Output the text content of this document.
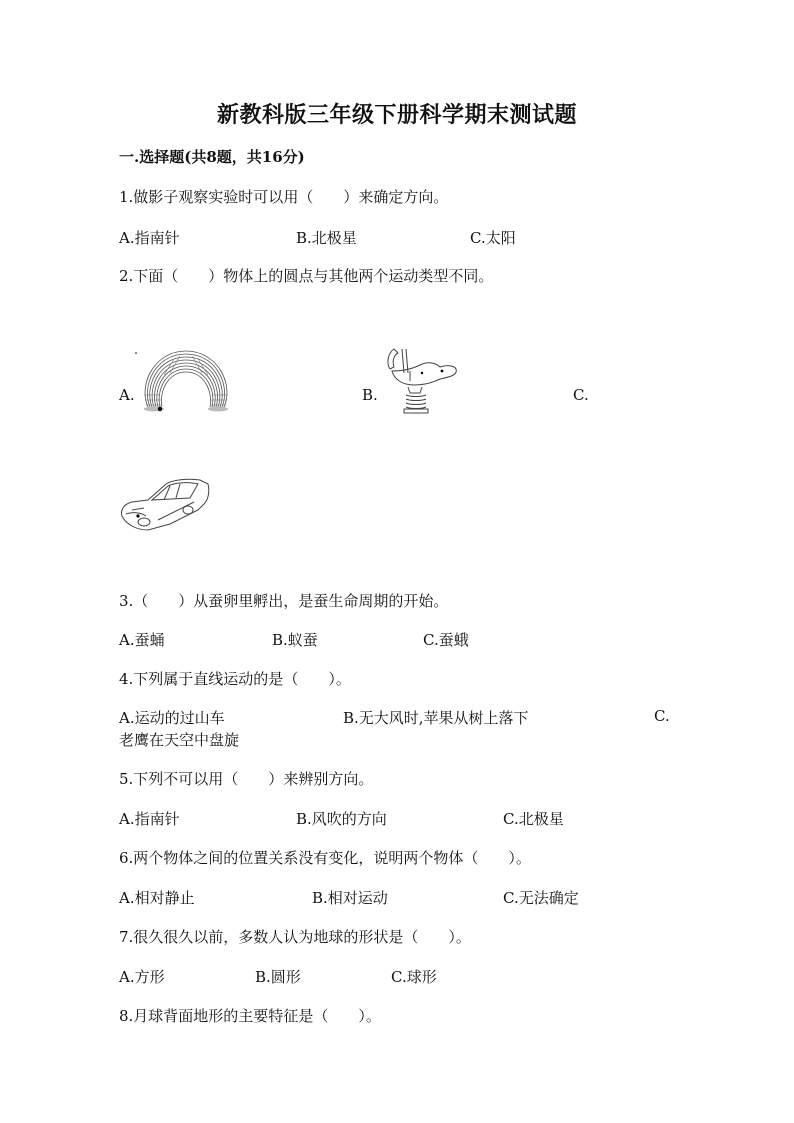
新教科版三年级下册科学期末测试题
一.选择题(共8题，共16分)
1.做影子观察实验时可以用（　　）来确定方向。
A.指南针	B.北极星	C.太阳
2.下面（　　）物体上的圆点与其他两个运动类型不同。
A.	B.	C.
3.（　　）从蚕卵里孵出，是蚕生命周期的开始。
A.蚕蛹	B.蚁蚕	C.蚕蛾
4.下列属于直线运动的是（　　）。
A.运动的过山车	B.无大风时,苹果从树上落下	C.
老鹰在天空中盘旋
5.下列不可以用（　　）来辨别方向。
A.指南针	B.风吹的方向	C.北极星
6.两个物体之间的位置关系没有变化，说明两个物体（　　）。
A.相对静止	B.相对运动	C.无法确定
7.很久很久以前，多数人认为地球的形状是（　　）。
A.方形	B.圆形	C.球形
8.月球背面地形的主要特征是（　　）。
